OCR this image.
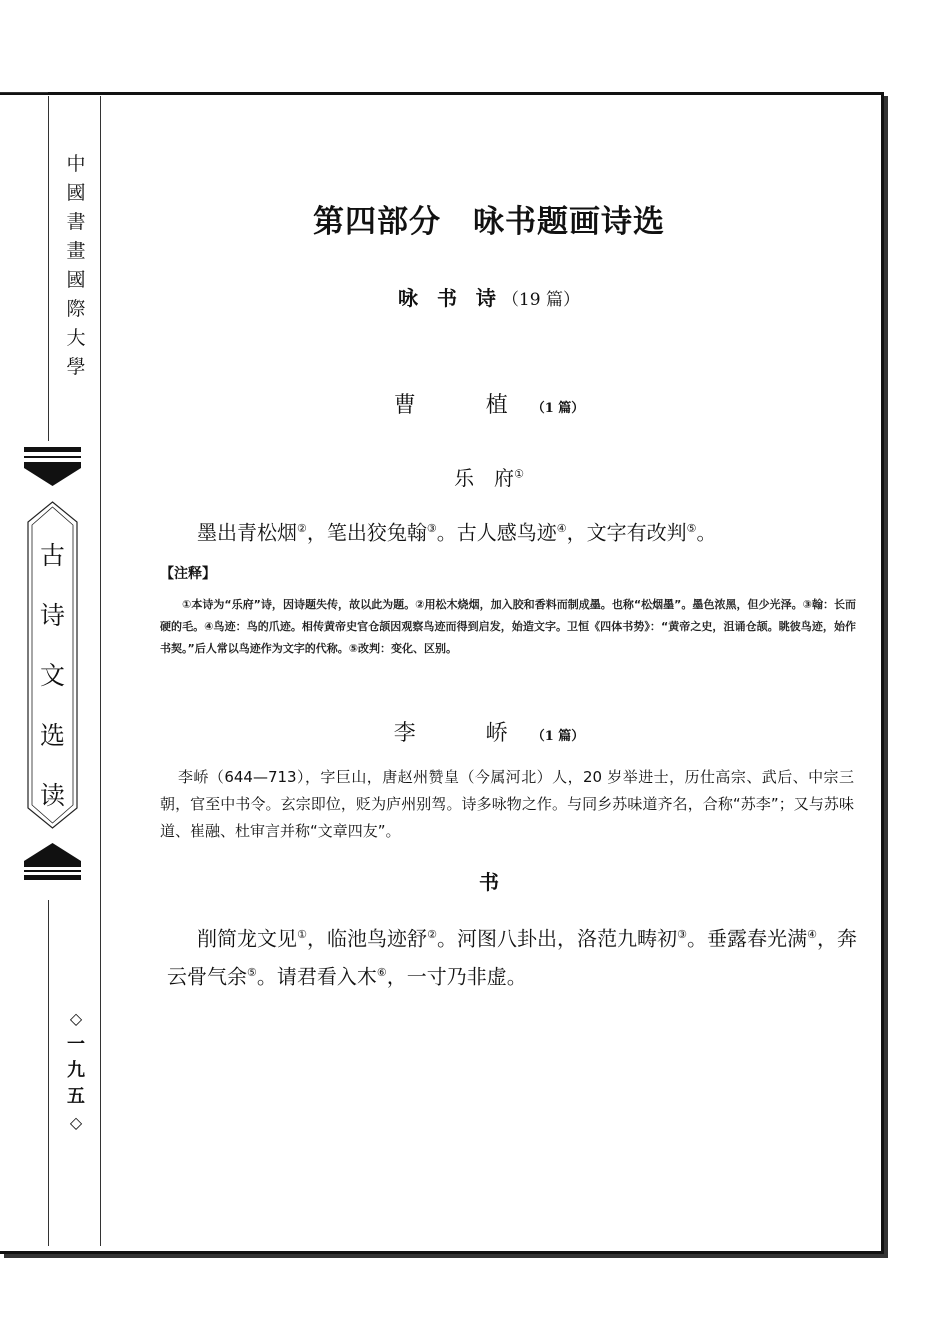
中
國
書
畫
國
際
大
學
古
诗
文
选
读
◇
一
九
五
◇
第四部分　咏书题画诗选
咏 书 诗（19 篇）
曹　植（1 篇）
乐　府①
墨出青松烟②，笔出狡兔翰③。古人感鸟迹④，文字有改判⑤。
【注释】
①本诗为“乐府”诗，因诗题失传，故以此为题。②用松木烧烟，加入胶和香料而制成墨。也称“松烟墨”。墨色浓黑，但少光泽。③翰：长而硬的毛。④鸟迹：鸟的爪迹。相传黄帝史官仓颉因观察鸟迹而得到启发，始造文字。卫恒《四体书势》：“黄帝之史，沮诵仓颉。眺彼鸟迹，始作书契。”后人常以鸟迹作为文字的代称。⑤改判：变化、区别。
李　峤（1 篇）
李峤（644—713），字巨山，唐赵州赞皇（今属河北）人，20 岁举进士，历仕高宗、武后、中宗三朝，官至中书令。玄宗即位，贬为庐州别驾。诗多咏物之作。与同乡苏味道齐名，合称“苏李”；又与苏味道、崔融、杜审言并称“文章四友”。
书
削简龙文见①，临池鸟迹舒②。河图八卦出，洛范九畴初③。垂露春光满④，奔云骨气余⑤。请君看入木⑥，一寸乃非虚。
